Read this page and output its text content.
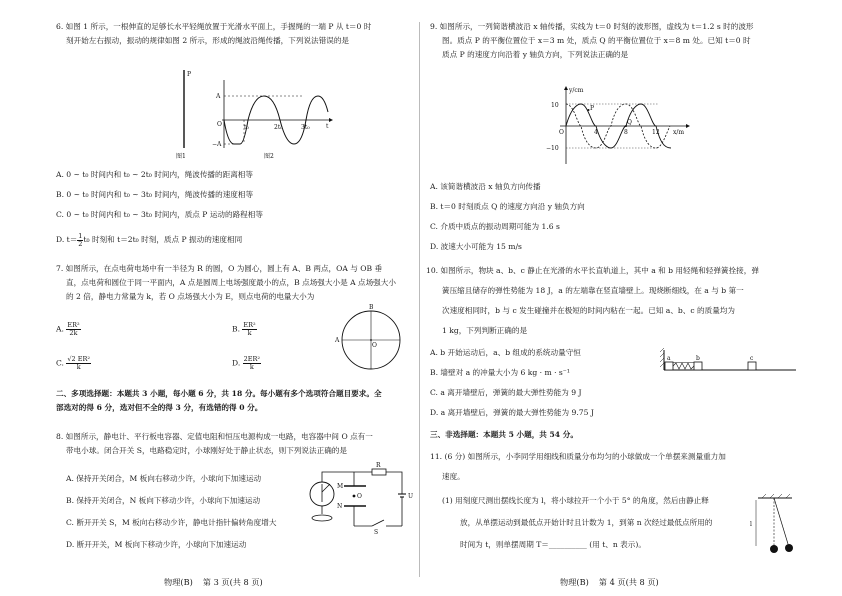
6. 如图 1 所示，一根伸直的足够长水平轻绳放置于光滑水平面上，手握绳的一端 P 从 t＝0 时
刻开始左右振动，振动的规律如图 2 所示，形成的绳波沿绳传播，下列说法错误的是
P
图1
A
−A
O	t₀	2t₀	3t₀	t
图2
A. 0 ~ t₀ 时间内和 t₀ ~ 2t₀ 时间内，绳波传播的距离相等
B. 0 ~ t₀ 时间内和 t₀ ~ 3t₀ 时间内，绳波传播的速度相等
C. 0 ~ t₀ 时间内和 t₀ ~ 3t₀ 时间内，质点 P 运动的路程相等
D. $t= \frac{1}{2} t_0$ 时刻和 t＝2t₀ 时刻，质点 P 振动的速度相同
7. 如图所示，在点电荷电场中有一半径为 R 的圆，O 为圆心，圆上有 A、B 两点，OA 与 OB 垂
直，点电荷和圆位于同一平面内，A 点是圆周上电场强度最小的点，B 点场强大小是 A 点场强大小
的 2 倍，静电力常量为 k，若 O 点场强大小为 E，则点电荷的电量大小为
A. $\frac{\text{ER²}}{2k}$	B. $\frac{\text{ER²}}{k}$
C. $\frac{\text{√2 ER²}}{k}$	D. $\frac{\text{2ER²}}{k}$
B
A
O
二、多项选择题：本题共 3 小题，每小题 6 分，共 18 分。每小题有多个选项符合题目要求。全
部选对的得 6 分，选对但不全的得 3 分，有选错的得 0 分。
8. 如图所示，静电计、平行板电容器、定值电阻和恒压电源构成一电路，电容器中间 O 点有一
带电小球。闭合开关 S，电路稳定时，小球刚好处于静止状态，则下列说法正确的是
A. 保持开关闭合，M 板向右移动少许，小球向下加速运动
B. 保持开关闭合，N 板向下移动少许，小球向下加速运动
C. 断开开关 S，M 板向右移动少许，静电计指针偏转角度增大
D. 断开开关，M 板向下移动少许，小球向下加速运动
R
M
N
O	U
S
物理(B) 第 3 页(共 8 页)
9. 如图所示，一列简谐横波沿 x 轴传播，实线为 t＝0 时刻的波形图，虚线为 t＝1.2 s 时的波形
图。质点 P 的平衡位置位于 x＝3 m 处，质点 Q 的平衡位置位于 x＝8 m 处。已知 t＝0 时
质点 P 的速度方向沿着 y 轴负方向，下列说法正确的是
y/cm
10
−10
O
P
Q
4	8	12 x/m
A. 该简谐横波沿 x 轴负方向传播
B. t＝0 时刻质点 Q 的速度方向沿 y 轴负方向
C. 介质中质点的振动周期可能为 1.6 s
D. 波速大小可能为 15 m/s
10. 如图所示，物块 a、b、c 静止在光滑的水平长直轨道上，其中 a 和 b 用轻绳和轻弹簧拴接，弹
簧压缩且储存的弹性势能为 18 J，a 的左端靠在竖直墙壁上。现烧断细线，在 a 与 b 第一
次速度相同时，b 与 c 发生碰撞并在极短的时间内粘在一起。已知 a、b、c 的质量均为
1 kg，下列判断正确的是
A. b 开始运动后，a、b 组成的系统动量守恒
B. 墙壁对 a 的冲量大小为 6 kg · m · s⁻¹
C. a 离开墙壁后，弹簧的最大弹性势能为 9 J
D. a 离开墙壁后，弹簧的最大弹性势能为 9.75 J
a	b	c
三、非选择题：本题共 5 小题，共 54 分。
11. (6 分) 如图所示，小李同学用细线和质量分布均匀的小球做成一个单摆来测量重力加
速度。
(1) 用刻度尺测出摆线长度为 l，将小球拉开一个小于 5° 的角度，然后由静止释
放，从单摆运动到最低点开始计时且计数为 1，到第 n 次经过最低点所用的
时间为 t，则单摆周期 T＝__________ (用 t、n 表示)。
l
物理(B) 第 4 页(共 8 页)
